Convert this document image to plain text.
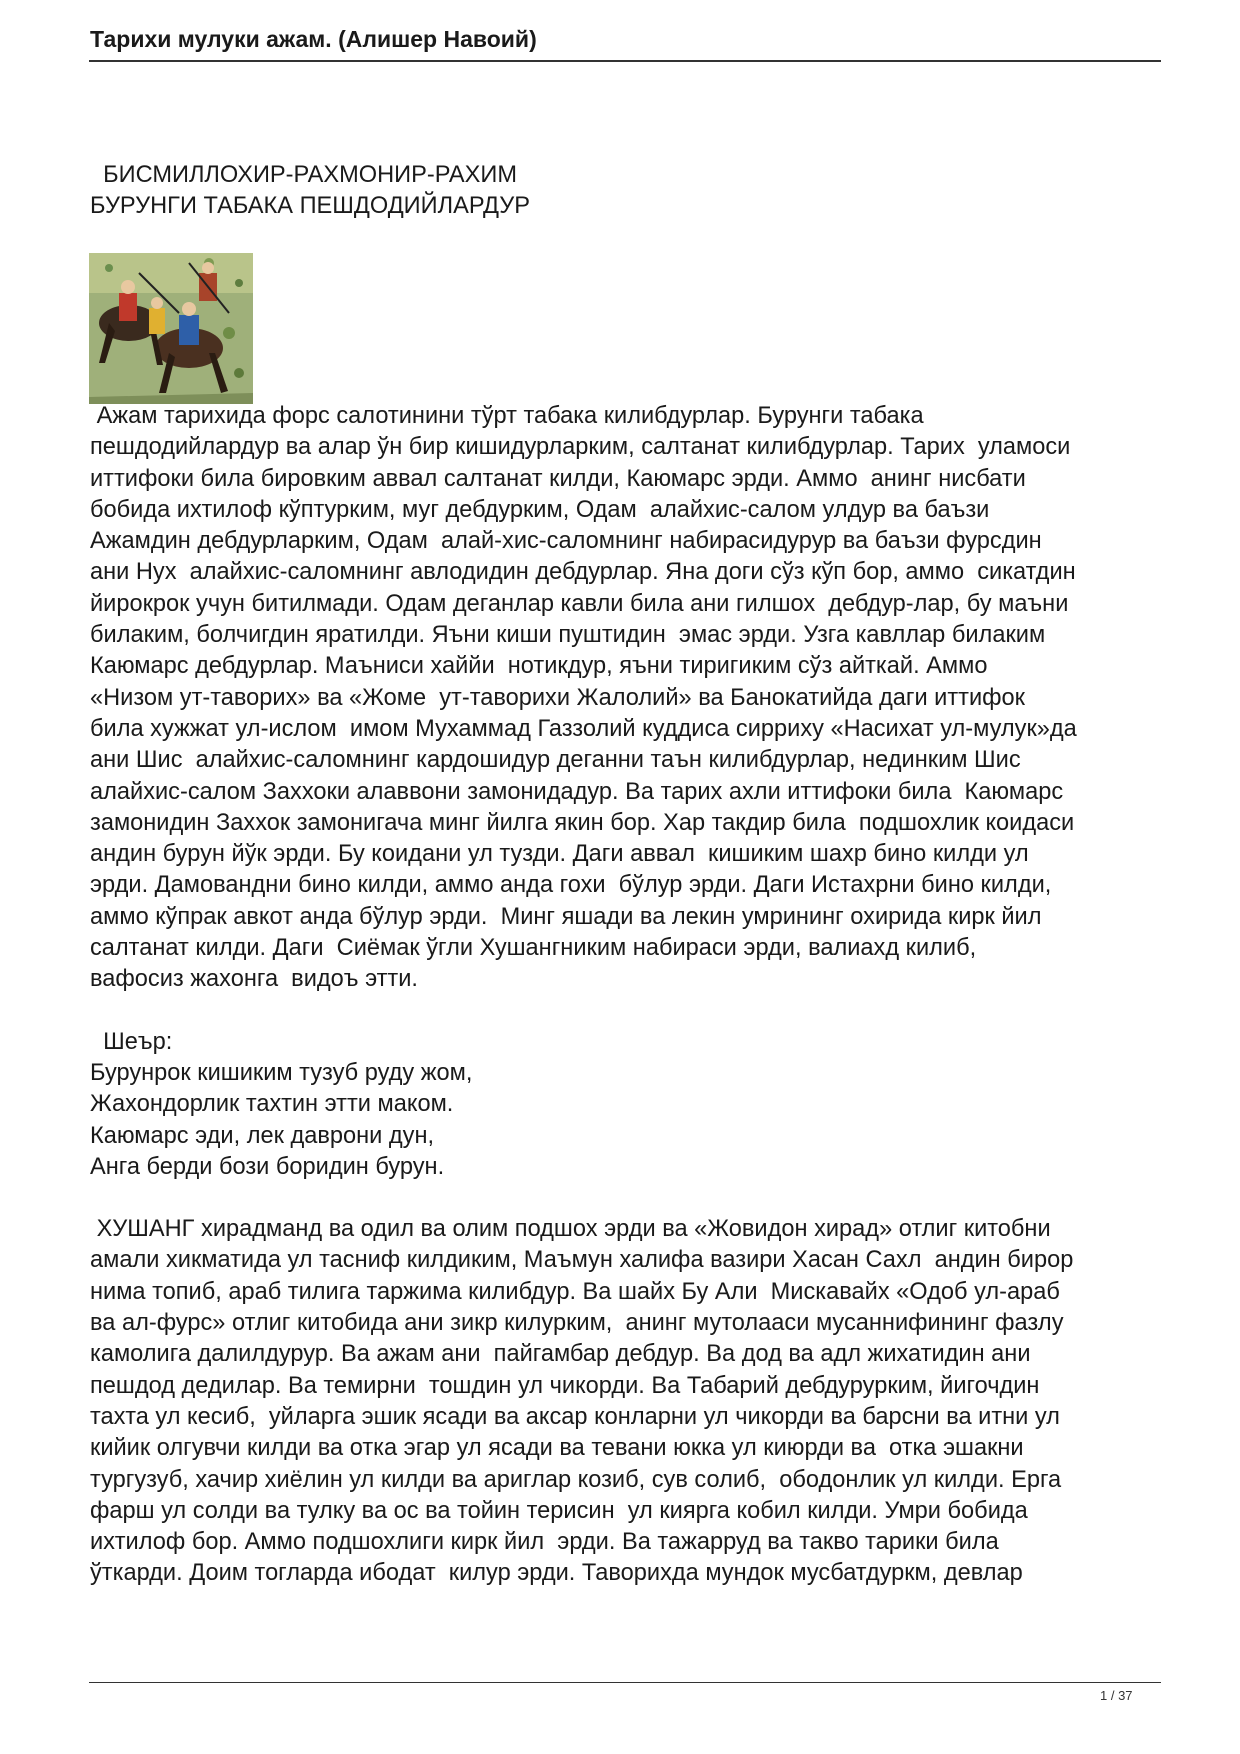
Тарихи мулуки ажам. (Алишер Навоий)

БИСМИЛЛОХИР-РАХМОНИР-РАХИМ

БУРУНГИ ТАБАКА ПЕШДОДИЙЛАРДУР

Ажам тарихида форс салотинини тўрт табака килибдурлар. Бурунги табака

пешдодийлардур ва алар ўн бир кишидурларким, салтанат килибдурлар. Тарих  уламоси

иттифоки била бировким аввал салтанат килди, Каюмарс эрди. Аммо  анинг нисбати

бобида ихтилоф кўптурким, муг дебдурким, Одам  алайхис-салом улдур ва баъзи

Ажамдин дебдурларким, Одам  алай-хис-саломнинг набирасидурур ва баъзи фурсдин

ани Нух  алайхис-саломнинг авлодидин дебдурлар. Яна доги сўз кўп бор, аммо  сикатдин

йирокрок учун битилмади. Одам деганлар кавли била ани гилшох  дебдур-лар, бу маъни

билаким, болчигдин яратилди. Яъни киши пуштидин  эмас эрди. Узга кавллар билаким

Каюмарс дебдурлар. Маъниси хаййи  нотикдур, яъни тиригиким сўз айткай. Аммо

«Низом ут-таворих» ва «Жоме  ут-таворихи Жалолий» ва Банокатийда даги иттифок

била хужжат ул-ислом  имом Мухаммад Газзолий куддиса сирриху «Насихат ул-мулук»да

ани Шис  алайхис-саломнинг кардошидур деганни таън килибдурлар, нединким Шис

алайхис-салом Заххоки алаввони замонидадур. Ва тарих ахли иттифоки била  Каюмарс

замонидин Заххок замонигача минг йилга якин бор. Хар такдир била  подшохлик коидаси

андин бурун йўк эрди. Бу коидани ул тузди. Даги аввал  кишиким шахр бино килди ул

эрди. Дамовандни бино килди, аммо анда гохи  бўлур эрди. Даги Истахрни бино килди,

аммо кўпрак авкот анда бўлур эрди.  Минг яшади ва лекин умрининг охирида кирк йил

салтанат килди. Даги  Сиёмак ўгли Хушангниким набираси эрди, валиахд килиб,

вафосиз жахонга  видоъ этти.

Шеър:

Бурунрок кишиким тузуб руду жом,

Жахондорлик тахтин этти маком.

Каюмарс эди, лек даврони дун,

Анга берди бози боридин бурун.

ХУШАНГ хирадманд ва одил ва олим подшох эрди ва «Жовидон хирад» отлиг китобни

амали хикматида ул тасниф килдиким, Маъмун халифа вазири Хасан Сахл  андин бирор

нима топиб, араб тилига таржима килибдур. Ва шайх Бу Али  Мискавайх «Одоб ул-араб

ва ал-фурс» отлиг китобида ани зикр килурким,  анинг мутолааси мусаннифининг фазлу

камолига далилдурур. Ва ажам ани  пайгамбар дебдур. Ва дод ва адл жихатидин ани

пешдод дедилар. Ва темирни  тошдин ул чикорди. Ва Табарий дебдурурким, йигочдин

тахта ул кесиб,  уйларга эшик ясади ва аксар конларни ул чикорди ва барсни ва итни ул

кийик олгувчи килди ва отка эгар ул ясади ва тевани юкка ул киюрди ва  отка эшакни

тургузуб, хачир хиёлин ул килди ва ариглар козиб, сув солиб,  ободонлик ул килди. Ерга

фарш ул солди ва тулку ва ос ва тойин терисин  ул киярга кобил килди. Умри бобида

ихтилоф бор. Аммо подшохлиги кирк йил  эрди. Ва тажарруд ва такво тарики била

ўткарди. Доим тогларда ибодат  килур эрди. Таворихда мундок мусбатдуркм, девлар

1 / 37
